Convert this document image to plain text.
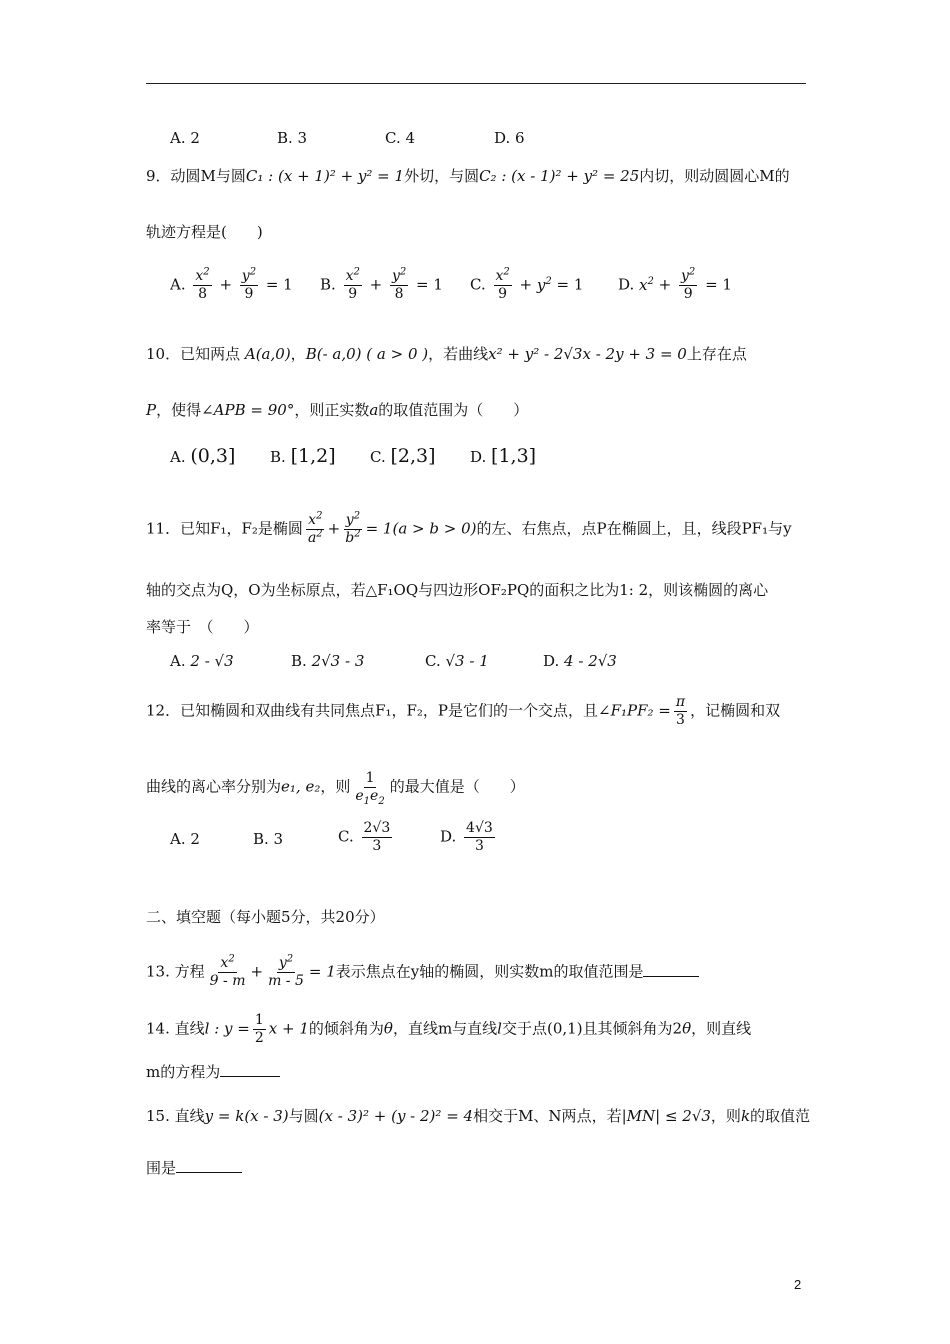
A. 2	B. 3	C. 4	D. 6
9．动圆M与圆C₁ : (x + 1)² + y² = 1外切，与圆C₂ : (x - 1)² + y² = 25内切，则动圆圆心M的
轨迹方程是(　　)
A. $\frac{x^2}{8} + \frac{y^2}{9} = 1$ B. $\frac{x^2}{9} + \frac{y^2}{8} = 1$ C. $\frac{x^2}{9} + y^2 = 1$ D. $x^2 + \frac{y^2}{9} = 1$
10．已知两点 A(a,0)，B(- a,0) ( a > 0 )，若曲线x² + y² - 2√3x - 2y + 3 = 0上存在点
P，使得∠APB = 90°，则正实数a的取值范围为（　　）
A. (0,3] B. [1,2] C. [2,3] D. [1,3]
11．已知F₁，F₂是椭圆 $\frac{x^2}{a^2} + \frac{y^2}{b^2} = 1(a > b > 0)$的左、右焦点，点P在椭圆上，且，线段PF₁与y
轴的交点为Q，O为坐标原点，若△F₁OQ与四边形OF₂PQ的面积之比为1: 2，则该椭圆的离心
率等于　（　　）
A. 2 - √3	B. 2√3 - 3	C. √3 - 1	D. 4 - 2√3
12．已知椭圆和双曲线有共同焦点F₁，F₂，P是它们的一个交点，且∠F₁PF₂ = $\frac{\pi}{3}$ ，记椭圆和双
曲线的离心率分别为e₁, e₂，则 $\frac{1}{e_1e_2}$ 的最大值是（　　）
A. 2	B. 3	C. $\frac{2√3}{3}$	D. $\frac{4√3}{3}$
二、填空题（每小题5分，共20分）
13. 方程 $\frac{x^2}{9 - m} + \frac{y^2}{m - 5} = 1$表示焦点在y轴的椭圆，则实数m的取值范围是
14. 直线l : $y = \frac{1}{2}$ x + 1的倾斜角为θ，直线m与直线l交于点(0,1)且其倾斜角为2θ，则直线
m的方程为
15. 直线y = k(x - 3)与圆(x - 3)² + (y - 2)² = 4相交于M、N两点，若|MN| ≤ 2√3，则k的取值范
围是
2
